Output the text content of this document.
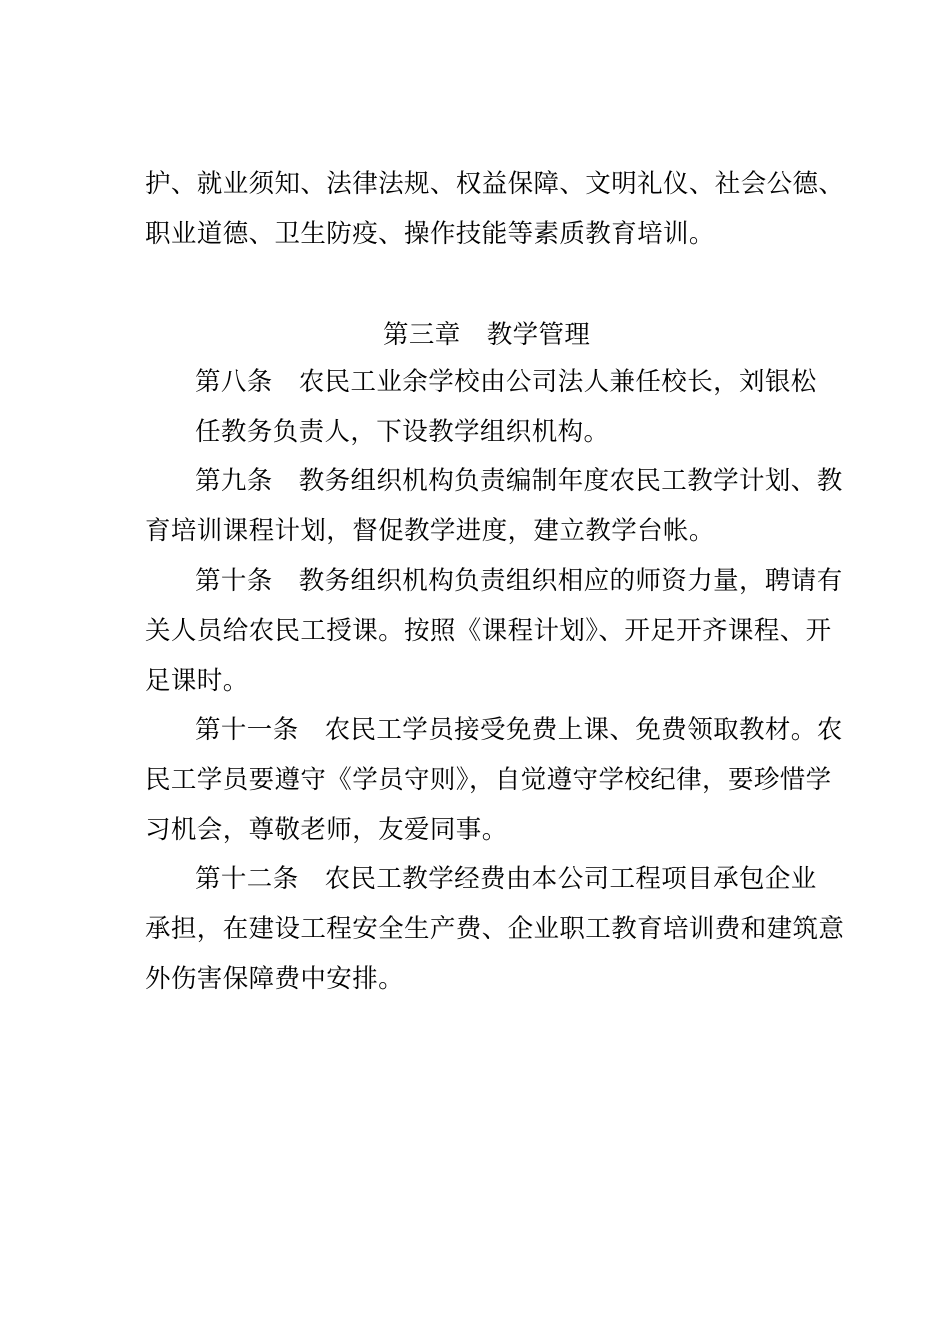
护、就业须知、法律法规、权益保障、文明礼仪、社会公德、
职业道德、卫生防疫、操作技能等素质教育培训。
第三章 教学管理
第八条 农民工业余学校由公司法人兼任校长，刘银松
任教务负责人，下设教学组织机构。
第九条 教务组织机构负责编制年度农民工教学计划、教
育培训课程计划，督促教学进度，建立教学台帐。
第十条 教务组织机构负责组织相应的师资力量，聘请有
关人员给农民工授课。按照《课程计划》、开足开齐课程、开
足课时。
第十一条 农民工学员接受免费上课、免费领取教材。农
民工学员要遵守《学员守则》，自觉遵守学校纪律，要珍惜学
习机会，尊敬老师，友爱同事。
第十二条 农民工教学经费由本公司工程项目承包企业
承担，在建设工程安全生产费、企业职工教育培训费和建筑意
外伤害保障费中安排。
